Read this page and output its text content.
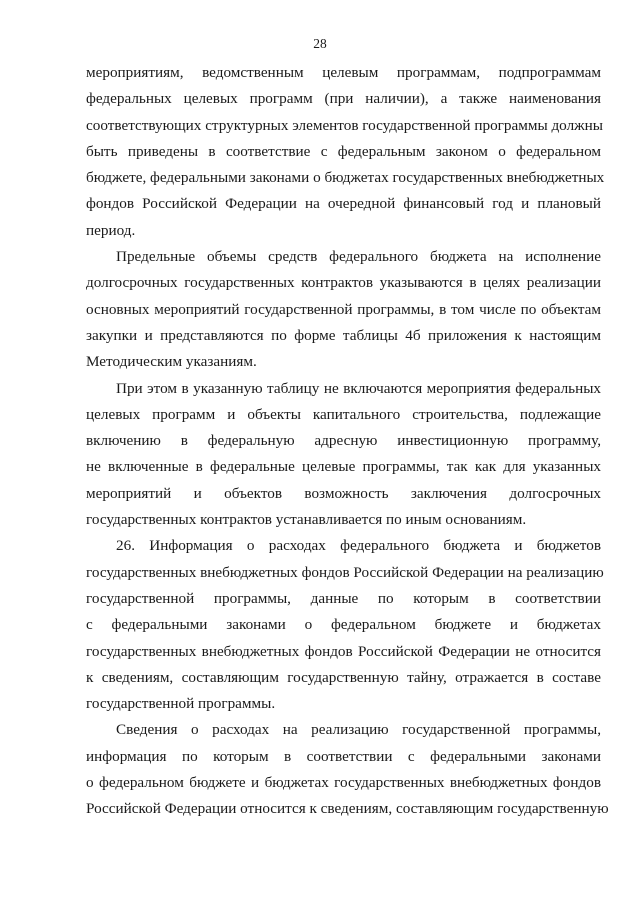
28

мероприятиям, ведомственным целевым программам, подпрограммам
федеральных целевых программ (при наличии), а также наименования
соответствующих структурных элементов государственной программы должны
быть приведены в соответствие с федеральным законом о федеральном
бюджете, федеральными законами о бюджетах государственных внебюджетных
фондов Российской Федерации на очередной финансовый год и плановый
период.

Предельные объемы средств федерального бюджета на исполнение
долгосрочных государственных контрактов указываются в целях реализации
основных мероприятий государственной программы, в том числе по объектам
закупки и представляются по форме таблицы 4б приложения к настоящим
Методическим указаниям.

При этом в указанную таблицу не включаются мероприятия федеральных
целевых программ и объекты капитального строительства, подлежащие
включению в федеральную адресную инвестиционную программу,
не включенные в федеральные целевые программы, так как для указанных
мероприятий и объектов возможность заключения долгосрочных
государственных контрактов устанавливается по иным основаниям.

26. Информация о расходах федерального бюджета и бюджетов
государственных внебюджетных фондов Российской Федерации на реализацию
государственной программы, данные по которым в соответствии
с федеральными законами о федеральном бюджете и бюджетах
государственных внебюджетных фондов Российской Федерации не относится
к сведениям, составляющим государственную тайну, отражается в составе
государственной программы.

Сведения о расходах на реализацию государственной программы,
информация по которым в соответствии с федеральными законами
о федеральном бюджете и бюджетах государственных внебюджетных фондов
Российской Федерации относится к сведениям, составляющим государственную
